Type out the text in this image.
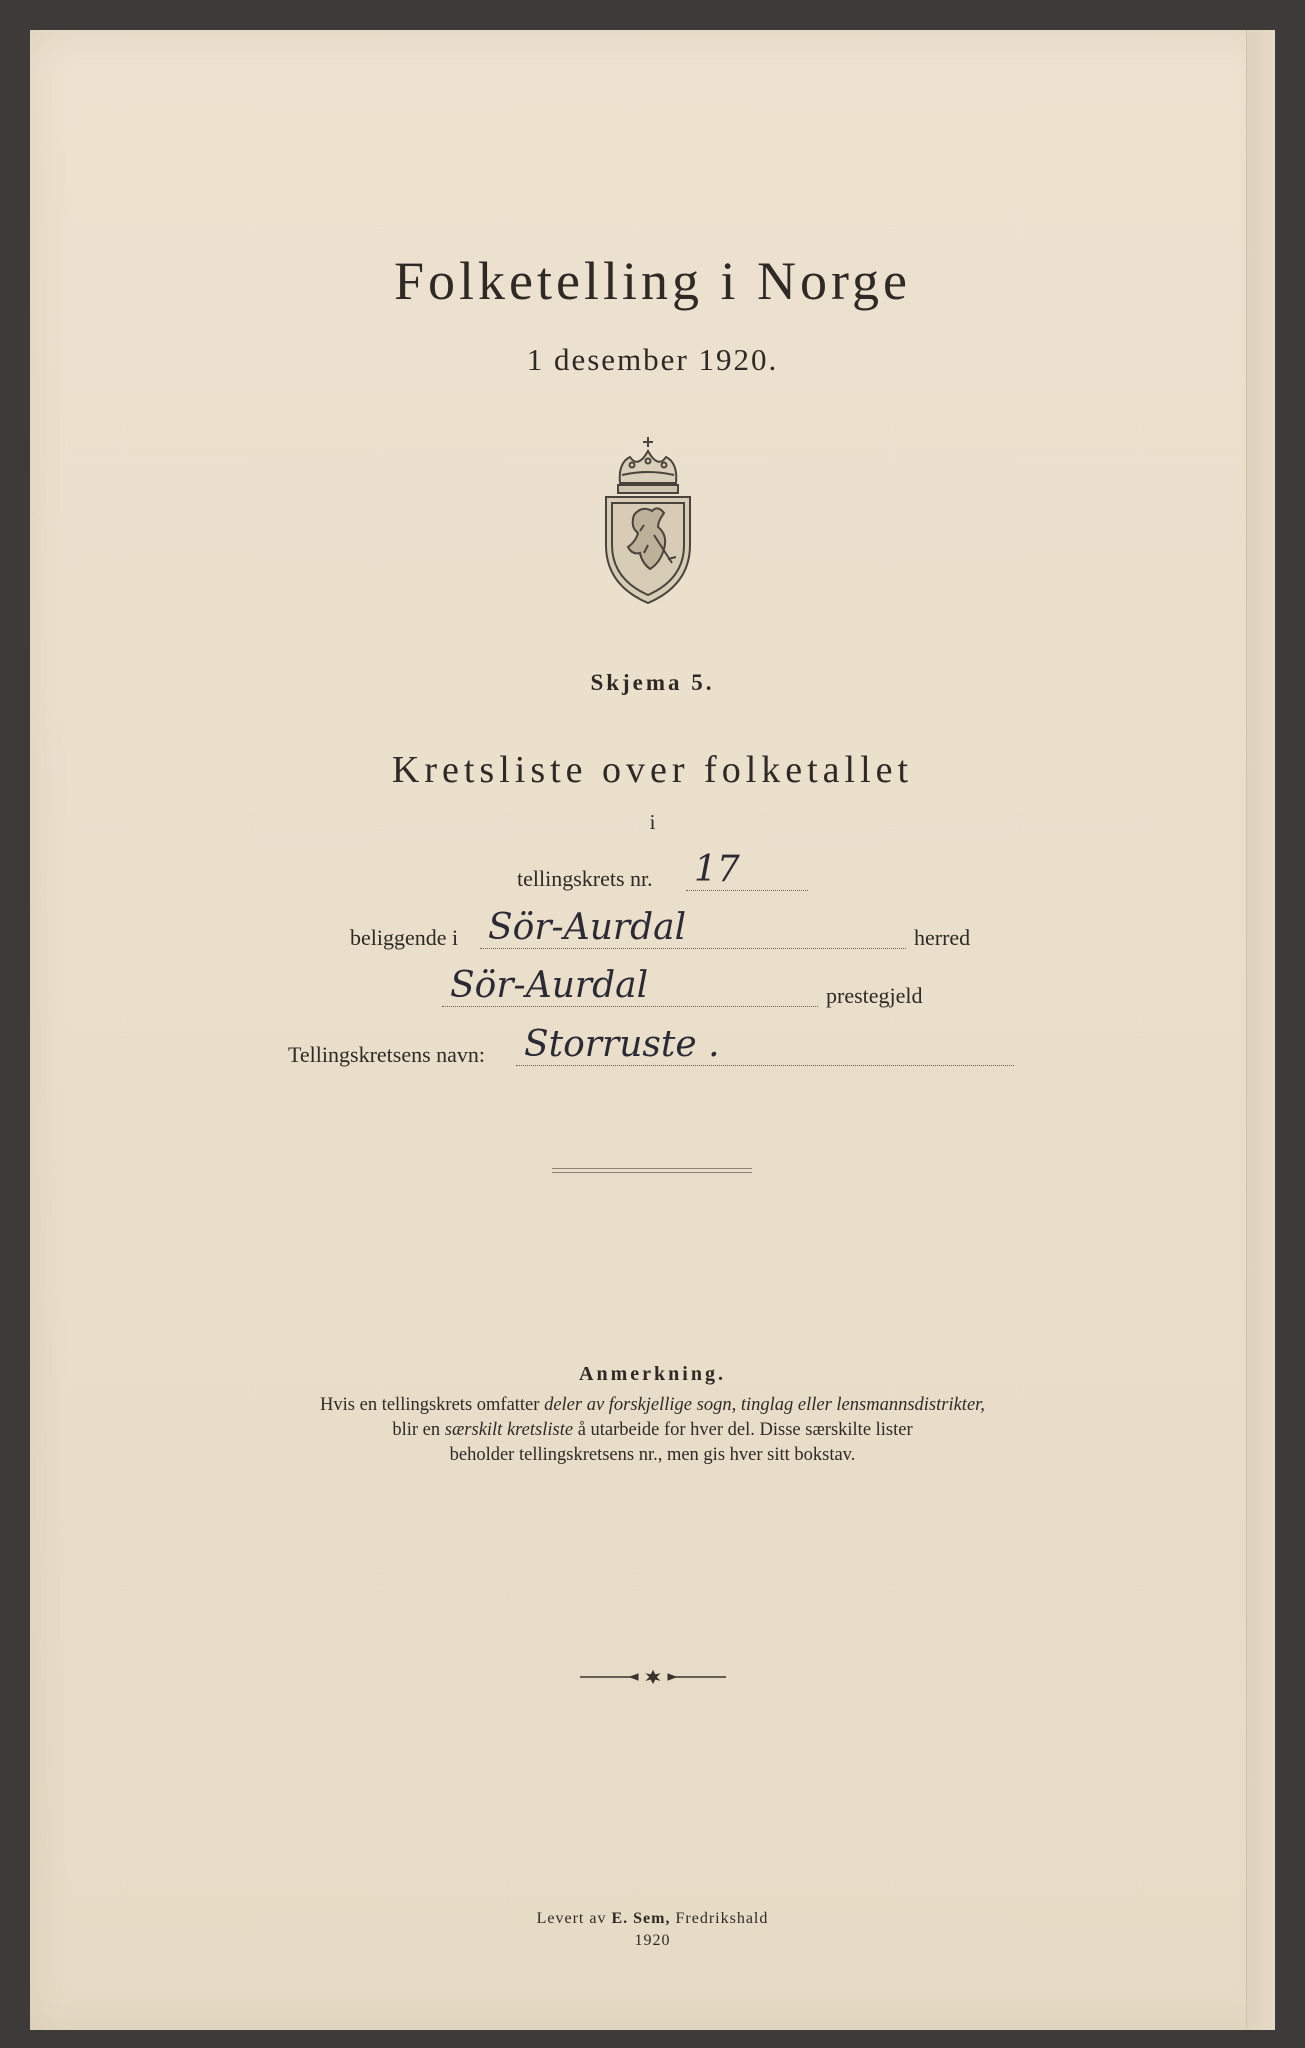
Folketelling i Norge
1 desember 1920.
Skjema 5.
Kretsliste over folketallet
i
tellingskrets nr. 17
beliggende i Sör-Aurdal	herred
Sör-Aurdal	prestegjeld
Tellingskretsens navn: Storruste .
Anmerkning.
Hvis en tellingskrets omfatter deler av forskjellige sogn, tinglag eller lensmannsdistrikter,
blir en særskilt kretsliste å utarbeide for hver del. Disse særskilte lister
beholder tellingskretsens nr., men gis hver sitt bokstav.
Levert av E. Sem, Fredrikshald
1920
